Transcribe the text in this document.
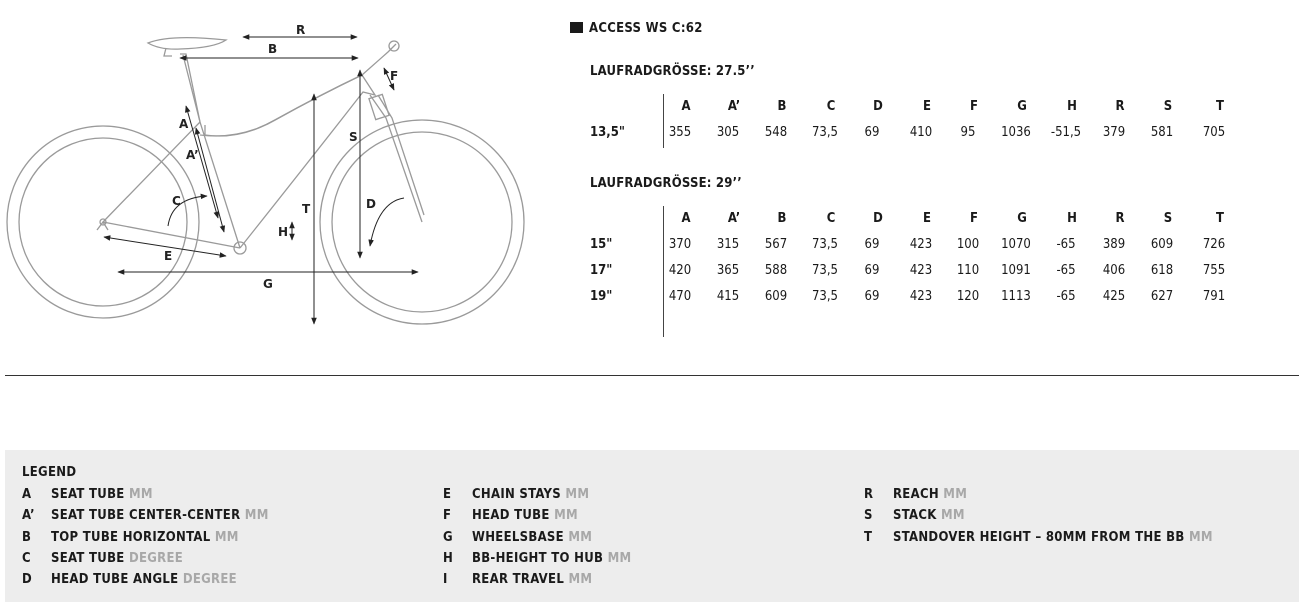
R
B
F
A
A’
S
C
T	D
H
E
G
ACCESS WS C:62
LAUFRADGRÖSSE: 27.5’’
A	A’	B	C	D	E	F	G	H	R	S	T
13,5"	355	305	548	73,5	69	410	95	1036	-51,5	379	581	705
LAUFRADGRÖSSE: 29’’
A	A’	B	C	D	E	F	G	H	R	S	T
15"	370	315	567	73,5	69	423	100	1070	-65	389	609	726
17"	420	365	588	73,5	69	423	110	1091	-65	406	618	755
19"	470	415	609	73,5	69	423	120	1113	-65	425	627	791
LEGEND
A SEAT TUBE MM
A’ SEAT TUBE CENTER-CENTER MM
B TOP TUBE HORIZONTAL MM
C SEAT TUBE DEGREE
D HEAD TUBE ANGLE DEGREE
E CHAIN STAYS MM
F HEAD TUBE MM
G WHEELSBASE MM
H BB-HEIGHT TO HUB MM
I REAR TRAVEL MM
R REACH MM
S STACK MM
T STANDOVER HEIGHT – 80MM FROM THE BB MM
